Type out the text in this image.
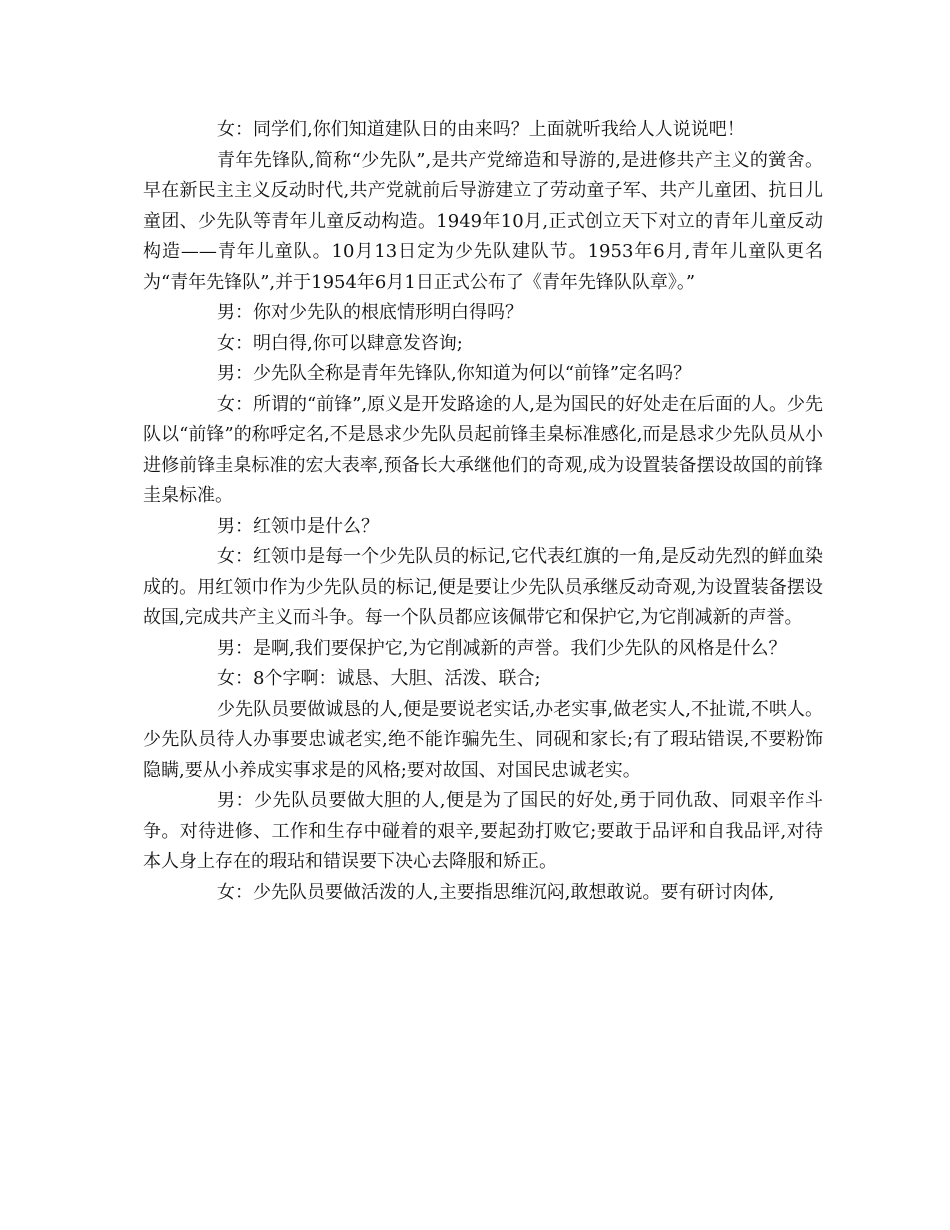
女：同学们,你们知道建队日的由来吗？上面就听我给人人说说吧！

青年先锋队,简称“少先队”,是共产党缔造和导游的,是进修共产主义的黉舍。早在新民主主义反动时代,共产党就前后导游建立了劳动童子军、共产儿童团、抗日儿童团、少先队等青年儿童反动构造。1949年10月,正式创立天下对立的青年儿童反动构造——青年儿童队。10月13日定为少先队建队节。1953年6月,青年儿童队更名为“青年先锋队”,并于1954年6月1日正式公布了《青年先锋队队章》。”

男：你对少先队的根底情形明白得吗？

女：明白得,你可以肆意发咨询;

男：少先队全称是青年先锋队,你知道为何以“前锋”定名吗？

女：所谓的“前锋”,原义是开发路途的人,是为国民的好处走在后面的人。少先队以“前锋”的称呼定名,不是恳求少先队员起前锋圭臬标准感化,而是恳求少先队员从小进修前锋圭臬标准的宏大表率,预备长大承继他们的奇观,成为设置装备摆设故国的前锋圭臬标准。

男：红领巾是什么？

女：红领巾是每一个少先队员的标记,它代表红旗的一角,是反动先烈的鲜血染成的。用红领巾作为少先队员的标记,便是要让少先队员承继反动奇观,为设置装备摆设故国,完成共产主义而斗争。每一个队员都应该佩带它和保护它,为它削减新的声誉。

男：是啊,我们要保护它,为它削减新的声誉。我们少先队的风格是什么？

女：8个字啊：诚恳、大胆、活泼、联合;

少先队员要做诚恳的人,便是要说老实话,办老实事,做老实人,不扯谎,不哄人。少先队员待人办事要忠诚老实,绝不能诈骗先生、同砚和家长;有了瑕玷错误,不要粉饰隐瞒,要从小养成实事求是的风格;要对故国、对国民忠诚老实。

男：少先队员要做大胆的人,便是为了国民的好处,勇于同仇敌、同艰辛作斗争。对待进修、工作和生存中碰着的艰辛,要起劲打败它;要敢于品评和自我品评,对待本人身上存在的瑕玷和错误要下决心去降服和矫正。

女：少先队员要做活泼的人,主要指思维沉闷,敢想敢说。要有研讨肉体,
